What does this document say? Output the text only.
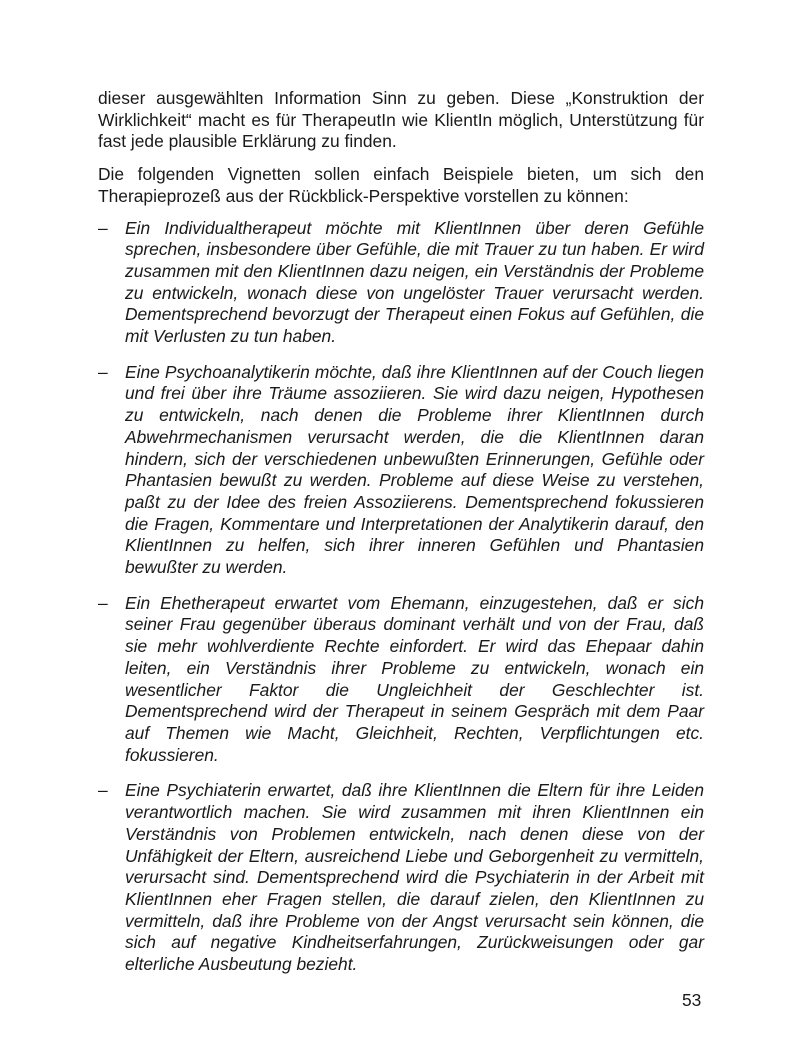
dieser ausgewählten Information Sinn zu geben. Diese „Konstruktion der Wirklichkeit“ macht es für TherapeutIn wie KlientIn möglich, Unterstützung für fast jede plausible Erklärung zu finden.

Die folgenden Vignetten sollen einfach Beispiele bieten, um sich den Therapieprozeß aus der Rückblick-Perspektive vorstellen zu können:

– Ein Individualtherapeut möchte mit KlientInnen über deren Gefühle sprechen, insbesondere über Gefühle, die mit Trauer zu tun haben. Er wird zusammen mit den KlientInnen dazu neigen, ein Verständnis der Probleme zu entwickeln, wonach diese von ungelöster Trauer verursacht werden. Dementsprechend bevorzugt der Therapeut einen Fokus auf Gefühlen, die mit Verlusten zu tun haben.
– Eine Psychoanalytikerin möchte, daß ihre KlientInnen auf der Couch liegen und frei über ihre Träume assoziieren. Sie wird dazu neigen, Hypothesen zu entwickeln, nach denen die Probleme ihrer KlientInnen durch Abwehrmechanismen verursacht werden, die die KlientInnen daran hindern, sich der verschiedenen unbewußten Erinnerungen, Gefühle oder Phantasien bewußt zu werden. Probleme auf diese Weise zu verstehen, paßt zu der Idee des freien Assoziierens. Dementsprechend fokussieren die Fragen, Kommentare und Interpretationen der Analytikerin darauf, den KlientInnen zu helfen, sich ihrer inneren Gefühlen und Phantasien bewußter zu werden.
– Ein Ehetherapeut erwartet vom Ehemann, einzugestehen, daß er sich seiner Frau gegenüber überaus dominant verhält und von der Frau, daß sie mehr wohlverdiente Rechte einfordert. Er wird das Ehepaar dahin leiten, ein Verständnis ihrer Probleme zu entwickeln, wonach ein wesentlicher Faktor die Ungleichheit der Geschlechter ist. Dementsprechend wird der Therapeut in seinem Gespräch mit dem Paar auf Themen wie Macht, Gleichheit, Rechten, Verpflichtungen etc. fokussieren.
– Eine Psychiaterin erwartet, daß ihre KlientInnen die Eltern für ihre Leiden verantwortlich machen. Sie wird zusammen mit ihren KlientInnen ein Verständnis von Problemen entwickeln, nach denen diese von der Unfähigkeit der Eltern, ausreichend Liebe und Geborgenheit zu vermitteln, verursacht sind. Dementsprechend wird die Psychiaterin in der Arbeit mit KlientInnen eher Fragen stellen, die darauf zielen, den KlientInnen zu vermitteln, daß ihre Probleme von der Angst verursacht sein können, die sich auf negative Kindheitserfahrungen, Zurückweisungen oder gar elterliche Ausbeutung bezieht.
53
